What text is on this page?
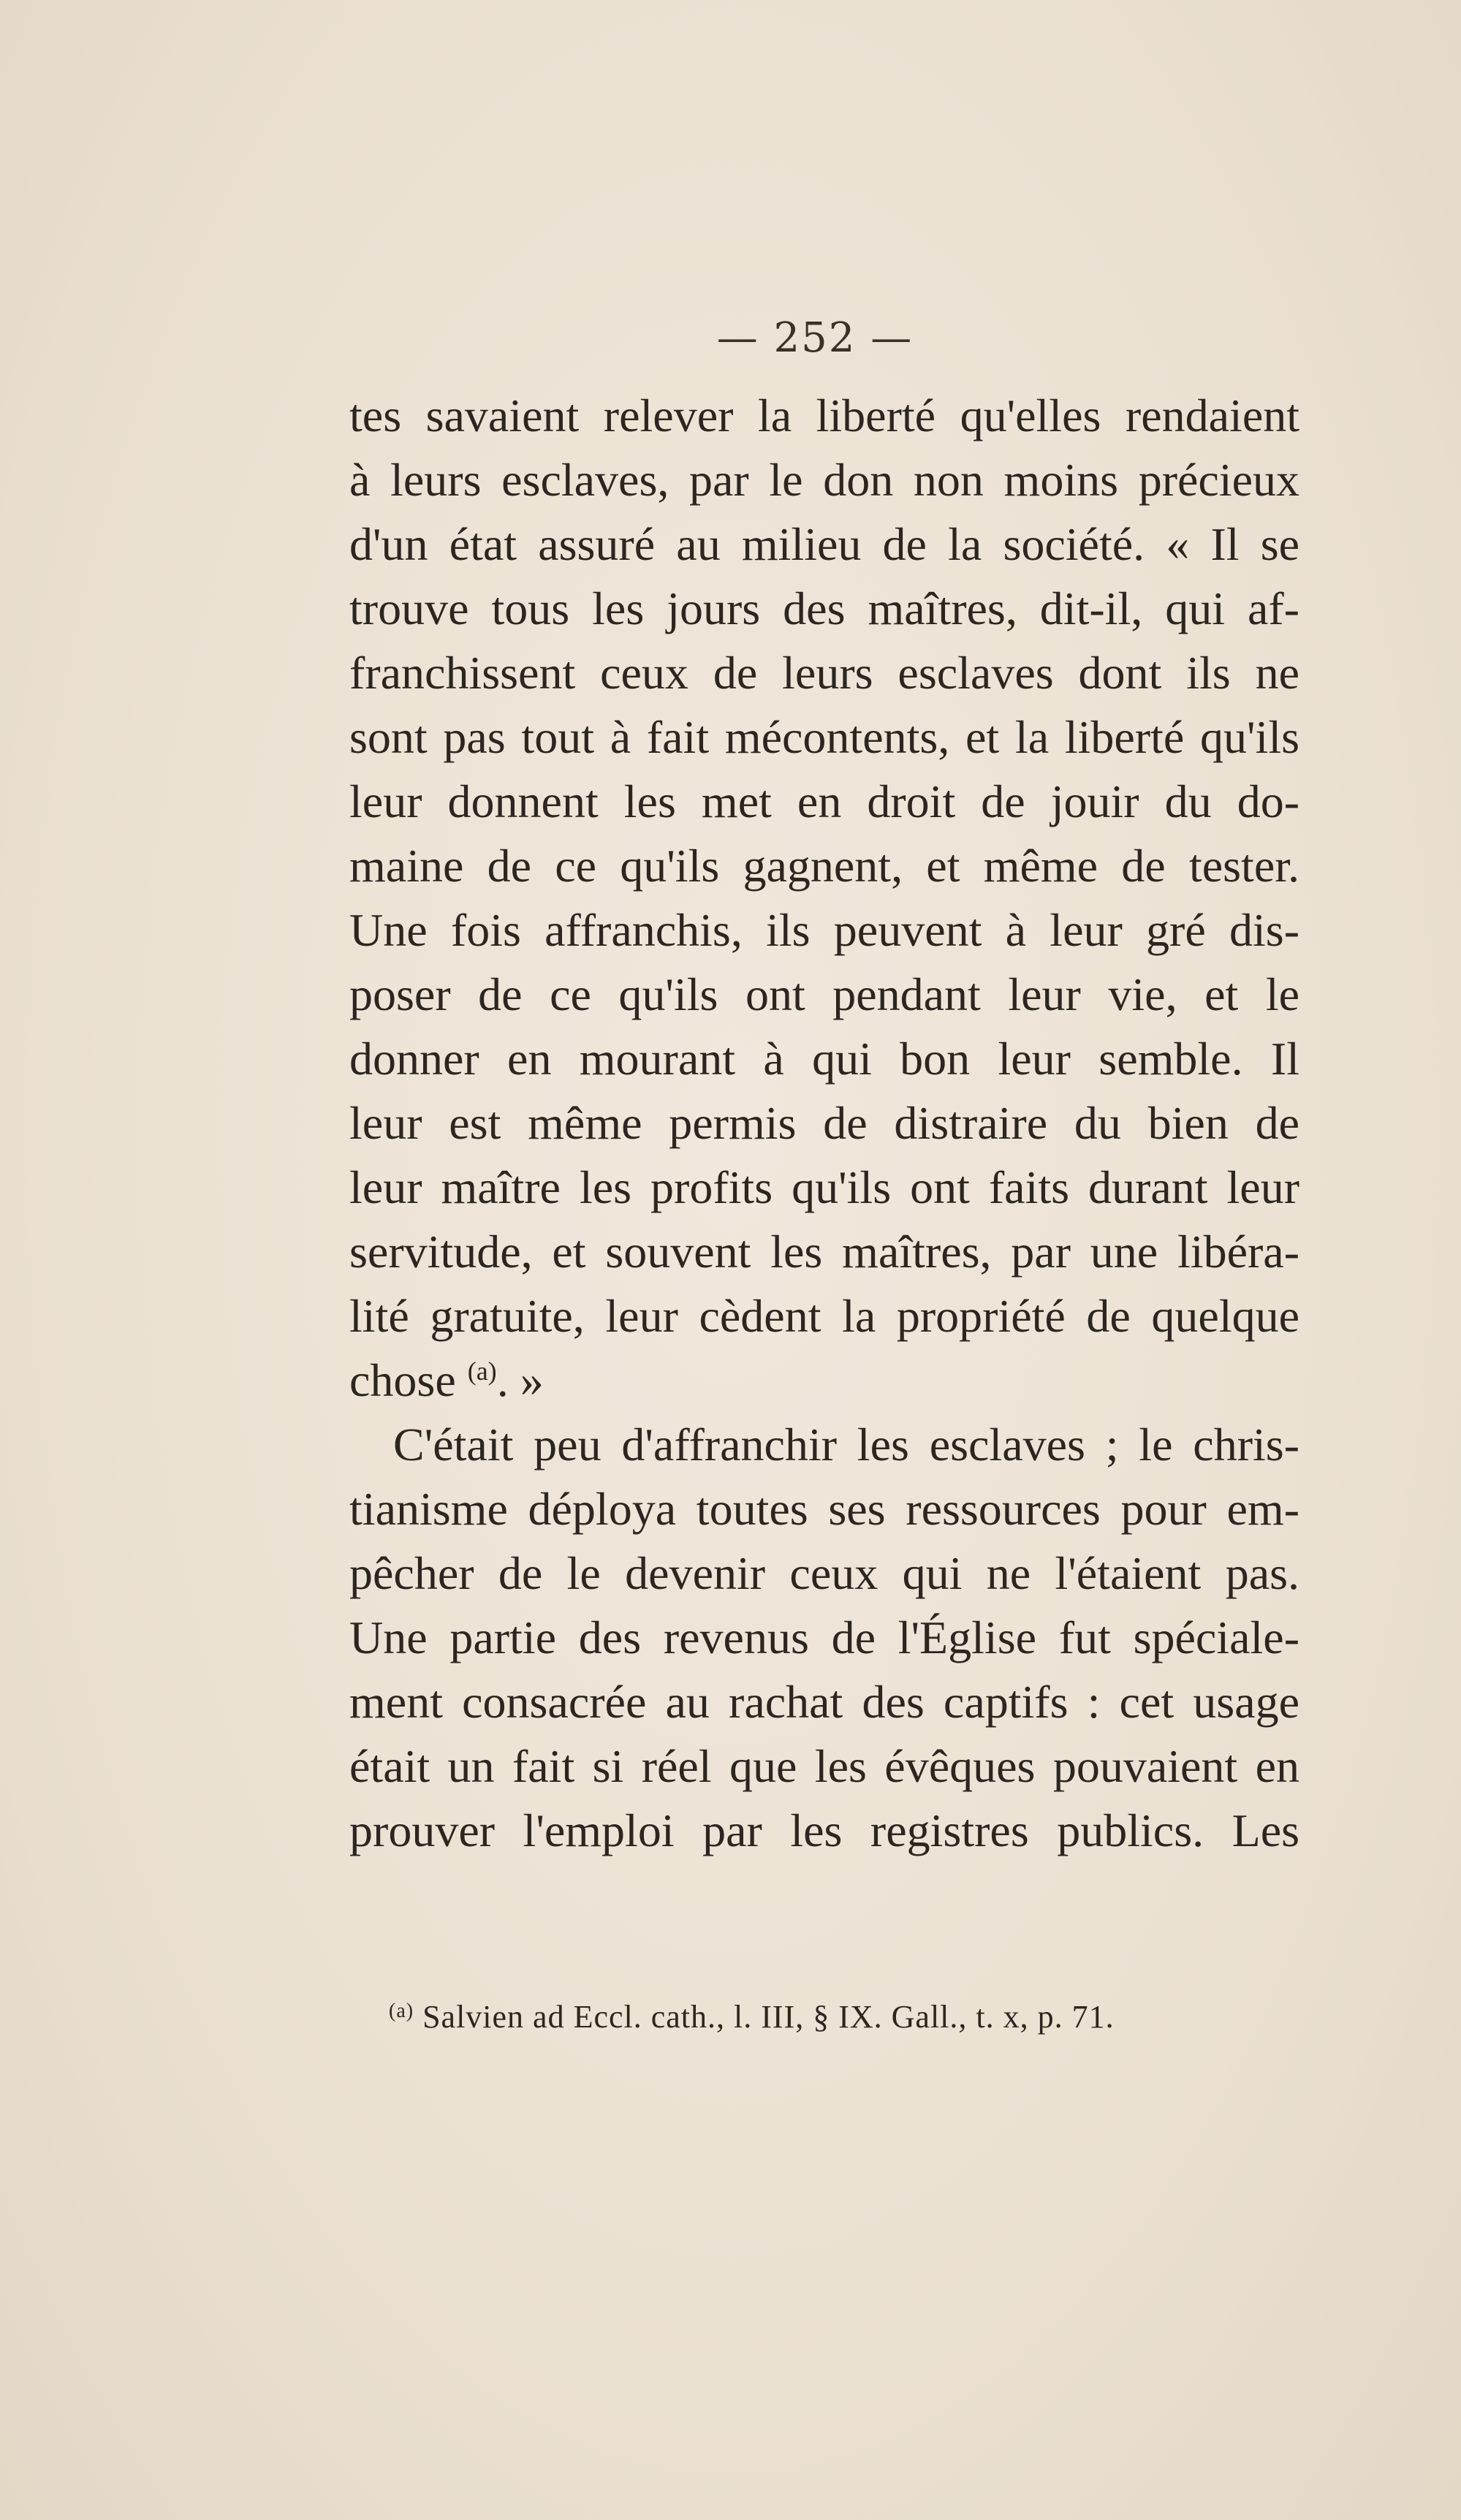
— 252 —
tes savaient relever la liberté qu'elles rendaient
à leurs esclaves, par le don non moins précieux
d'un état assuré au milieu de la société. « Il se
trouve tous les jours des maîtres, dit-il, qui af-
franchissent ceux de leurs esclaves dont ils ne
sont pas tout à fait mécontents, et la liberté qu'ils
leur donnent les met en droit de jouir du do-
maine de ce qu'ils gagnent, et même de tester.
Une fois affranchis, ils peuvent à leur gré dis-
poser de ce qu'ils ont pendant leur vie, et le
donner en mourant à qui bon leur semble. Il
leur est même permis de distraire du bien de
leur maître les profits qu'ils ont faits durant leur
servitude, et souvent les maîtres, par une libéra-
lité gratuite, leur cèdent la propriété de quelque
chose $^{(a)}$. »
C'était peu d'affranchir les esclaves ; le chris-
tianisme déploya toutes ses ressources pour em-
pêcher de le devenir ceux qui ne l'étaient pas.
Une partie des revenus de l'Église fut spéciale-
ment consacrée au rachat des captifs : cet usage
était un fait si réel que les évêques pouvaient en
prouver l'emploi par les registres publics. Les
$^{(a)}$ Salvien ad Eccl. cath., l. III, § IX. Gall., t. x, p. 71.
